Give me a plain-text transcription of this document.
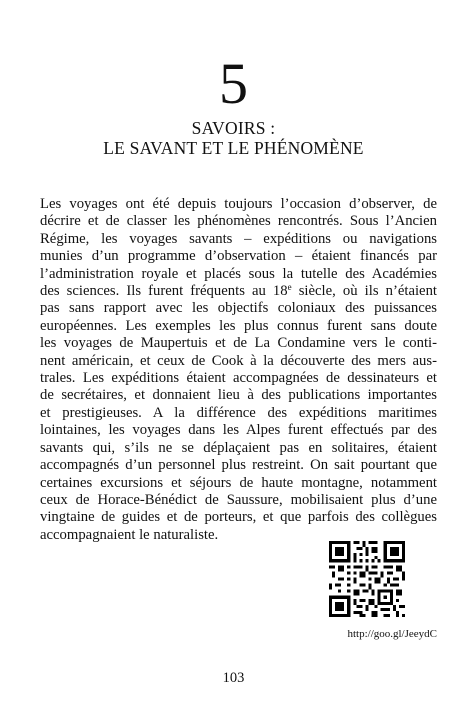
5
SAVOIRS :
LE SAVANT ET LE PHÉNOMÈNE
Les voyages ont été depuis toujours l’occasion d’observer, de
décrire et de classer les phénomènes rencontrés. Sous l’Ancien
Régime, les voyages savants – expéditions ou navigations
munies d’un programme d’observation – étaient financés par
l’administration royale et placés sous la tutelle des Académies
des sciences. Ils furent fréquents au 18e siècle, où ils n’étaient
pas sans rapport avec les objectifs coloniaux des puissances
européennes. Les exemples les plus connus furent sans doute
les voyages de Maupertuis et de La Condamine vers le conti-
nent américain, et ceux de Cook à la découverte des mers aus-
trales. Les expéditions étaient accompagnées de dessinateurs et
de secrétaires, et donnaient lieu à des publications importantes
et prestigieuses. A la différence des expéditions maritimes
lointaines, les voyages dans les Alpes furent effectués par des
savants qui, s’ils ne se déplaçaient pas en solitaires, étaient
accompagnés d’un personnel plus restreint. On sait pourtant que
certaines excursions et séjours de haute montagne, notamment
ceux de Horace-Bénédict de Saussure, mobilisaient plus d’une
vingtaine de guides et de porteurs, et que parfois des collègues
accompagnaient le naturaliste.
http://goo.gl/JeeydC
103
